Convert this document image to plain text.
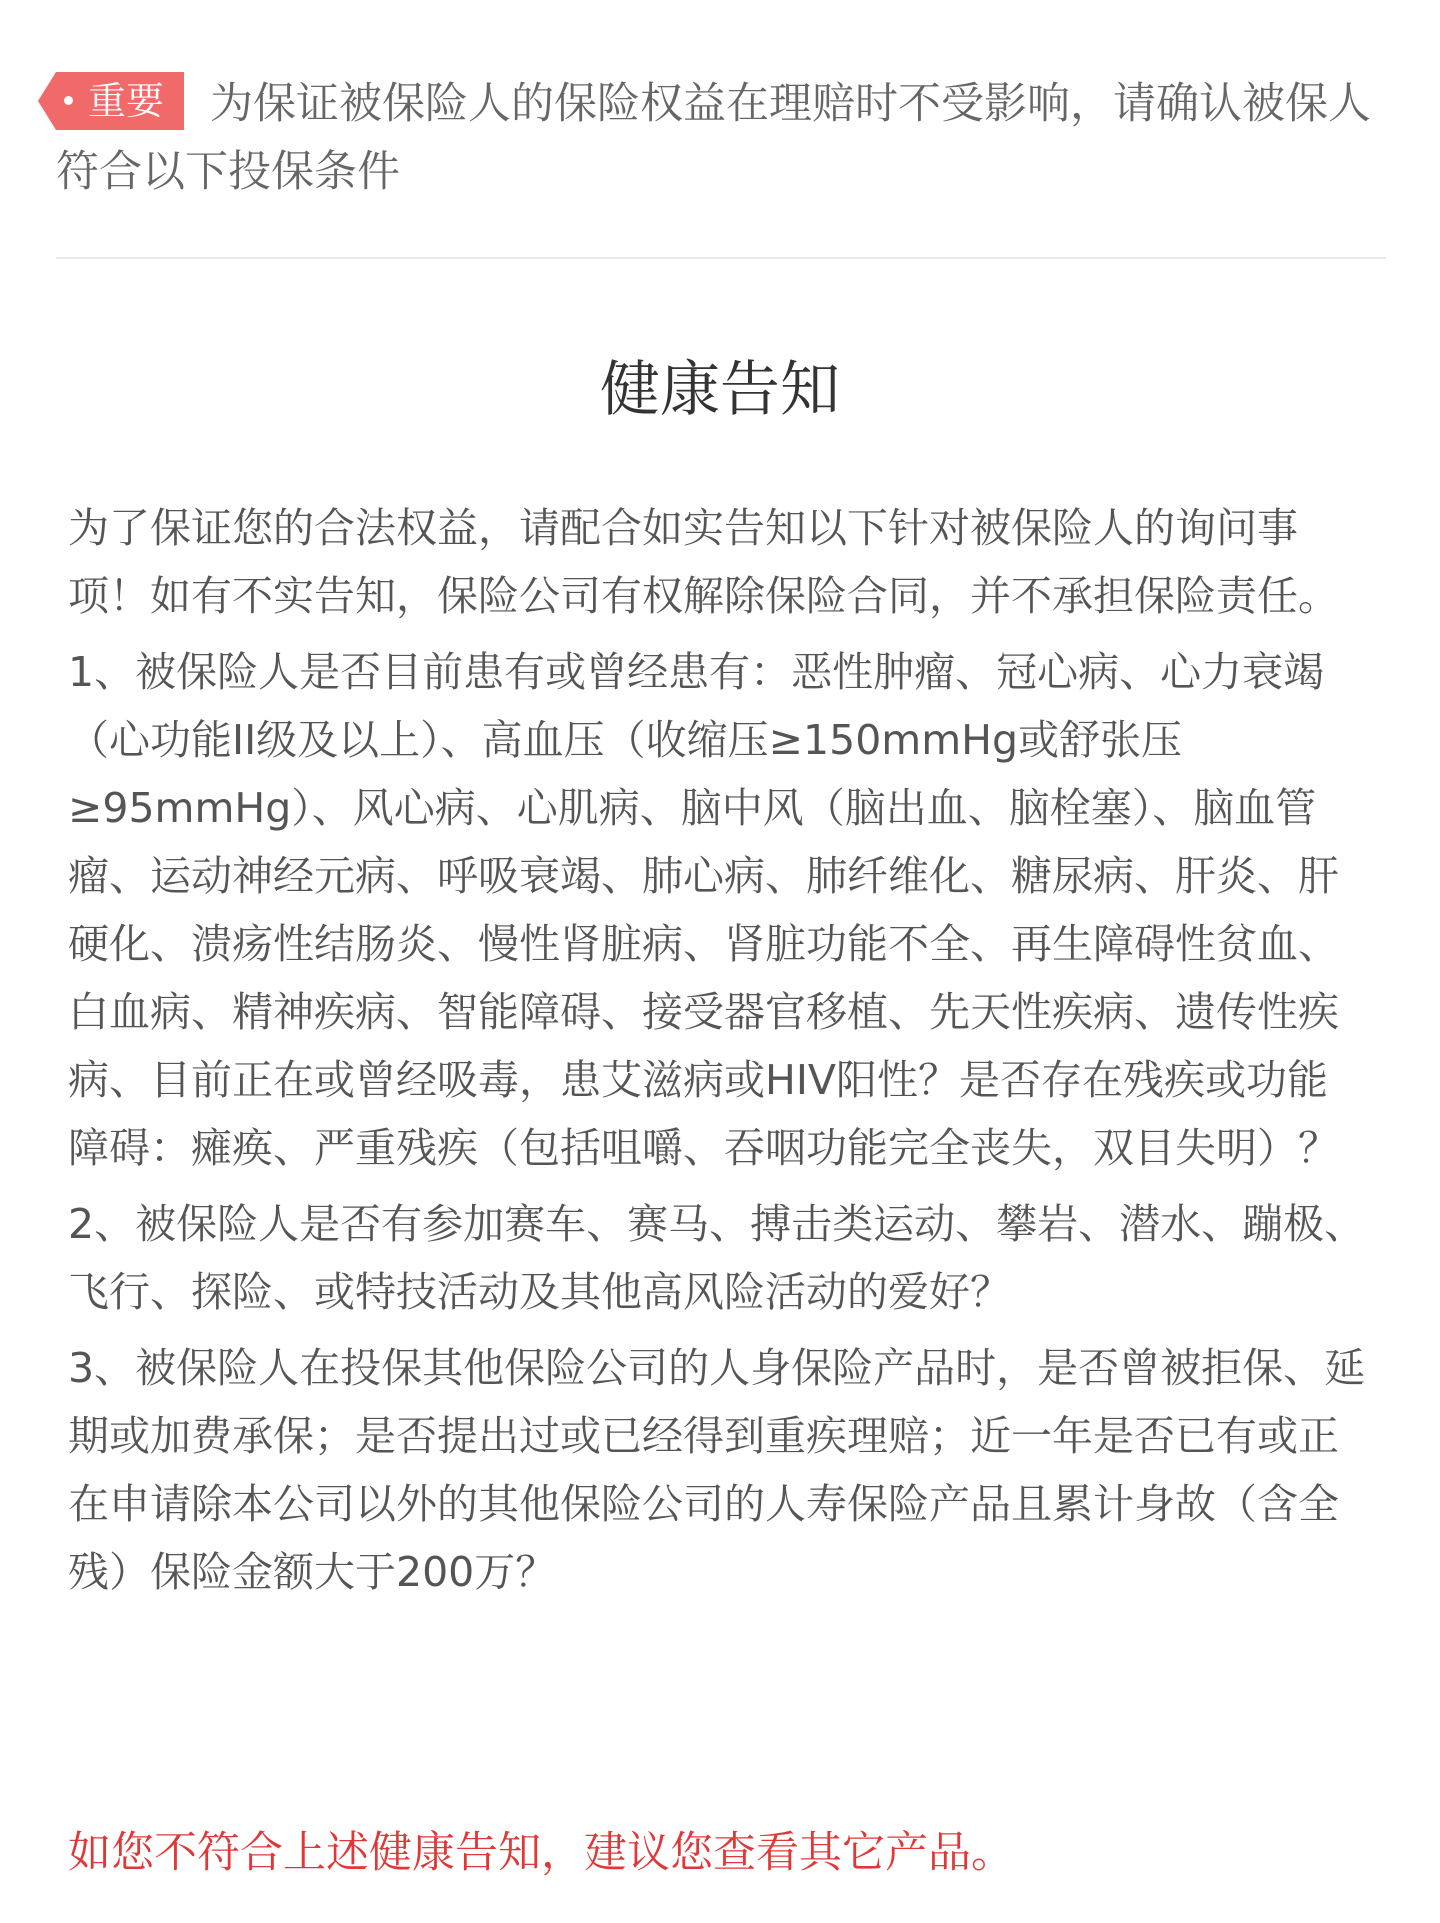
重要 为保证被保险人的保险权益在理赔时不受影响，请确认被保人符合以下投保条件
健康告知

为了保证您的合法权益，请配合如实告知以下针对被保险人的询问事项！如有不实告知，保险公司有权解除保险合同，并不承担保险责任。

1、被保险人是否目前患有或曾经患有：恶性肿瘤、冠心病、心力衰竭（心功能II级及以上）、高血压（收缩压≥150mmHg或舒张压≥95mmHg）、风心病、心肌病、脑中风（脑出血、脑栓塞）、脑血管瘤、运动神经元病、呼吸衰竭、肺心病、肺纤维化、糖尿病、肝炎、肝硬化、溃疡性结肠炎、慢性肾脏病、肾脏功能不全、再生障碍性贫血、白血病、精神疾病、智能障碍、接受器官移植、先天性疾病、遗传性疾病、目前正在或曾经吸毒，患艾滋病或HIV阳性？是否存在残疾或功能障碍：瘫痪、严重残疾（包括咀嚼、吞咽功能完全丧失，双目失明）？

2、被保险人是否有参加赛车、赛马、搏击类运动、攀岩、潜水、蹦极、飞行、探险、或特技活动及其他高风险活动的爱好？

3、被保险人在投保其他保险公司的人身保险产品时，是否曾被拒保、延期或加费承保；是否提出过或已经得到重疾理赔；近一年是否已有或正在申请除本公司以外的其他保险公司的人寿保险产品且累计身故（含全残）保险金额大于200万？

如您不符合上述健康告知，建议您查看其它产品。
